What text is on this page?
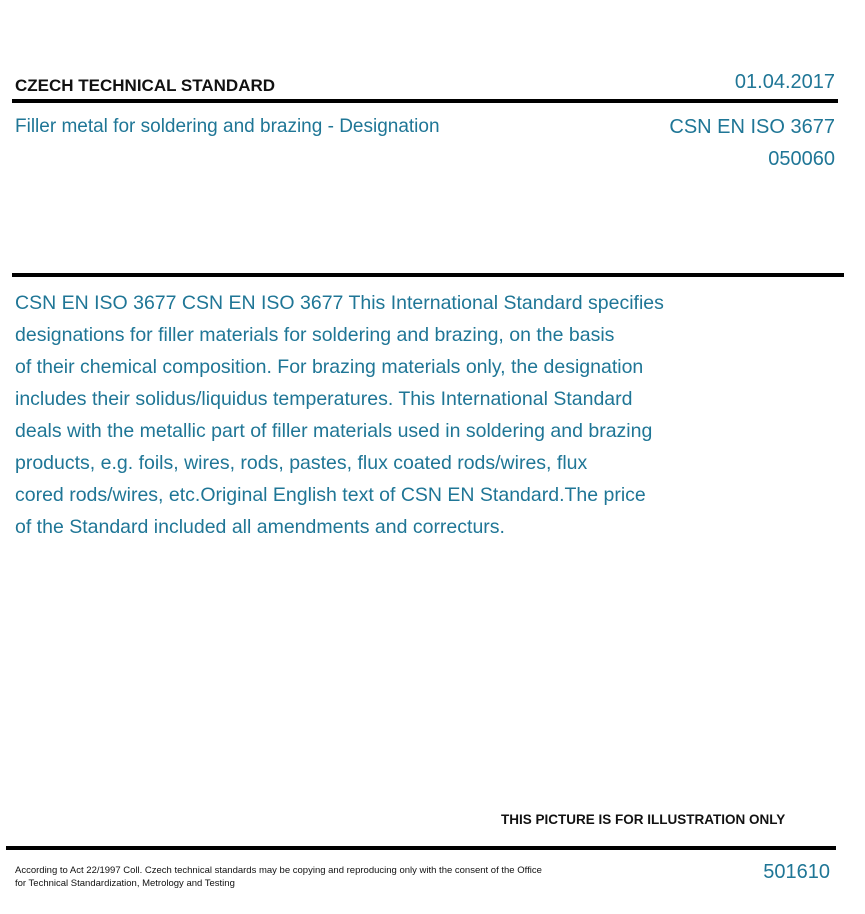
CZECH TECHNICAL STANDARD	01.04.2017
Filler metal for soldering and brazing - Designation	CSN EN ISO 3677
050060
CSN EN ISO 3677 CSN EN ISO 3677 This International Standard specifies
designations for filler materials for soldering and brazing, on the basis
of their chemical composition. For brazing materials only, the designation
includes their solidus/liquidus temperatures. This International Standard
deals with the metallic part of filler materials used in soldering and brazing
products, e.g. foils, wires, rods, pastes, flux coated rods/wires, flux
cored rods/wires, etc.Original English text of CSN EN Standard.The price
of the Standard included all amendments and correcturs.
THIS PICTURE IS FOR ILLUSTRATION ONLY
According to Act 22/1997 Coll. Czech technical standards may be copying and reproducing only with the consent of the Office
for Technical Standardization, Metrology and Testing
501610
